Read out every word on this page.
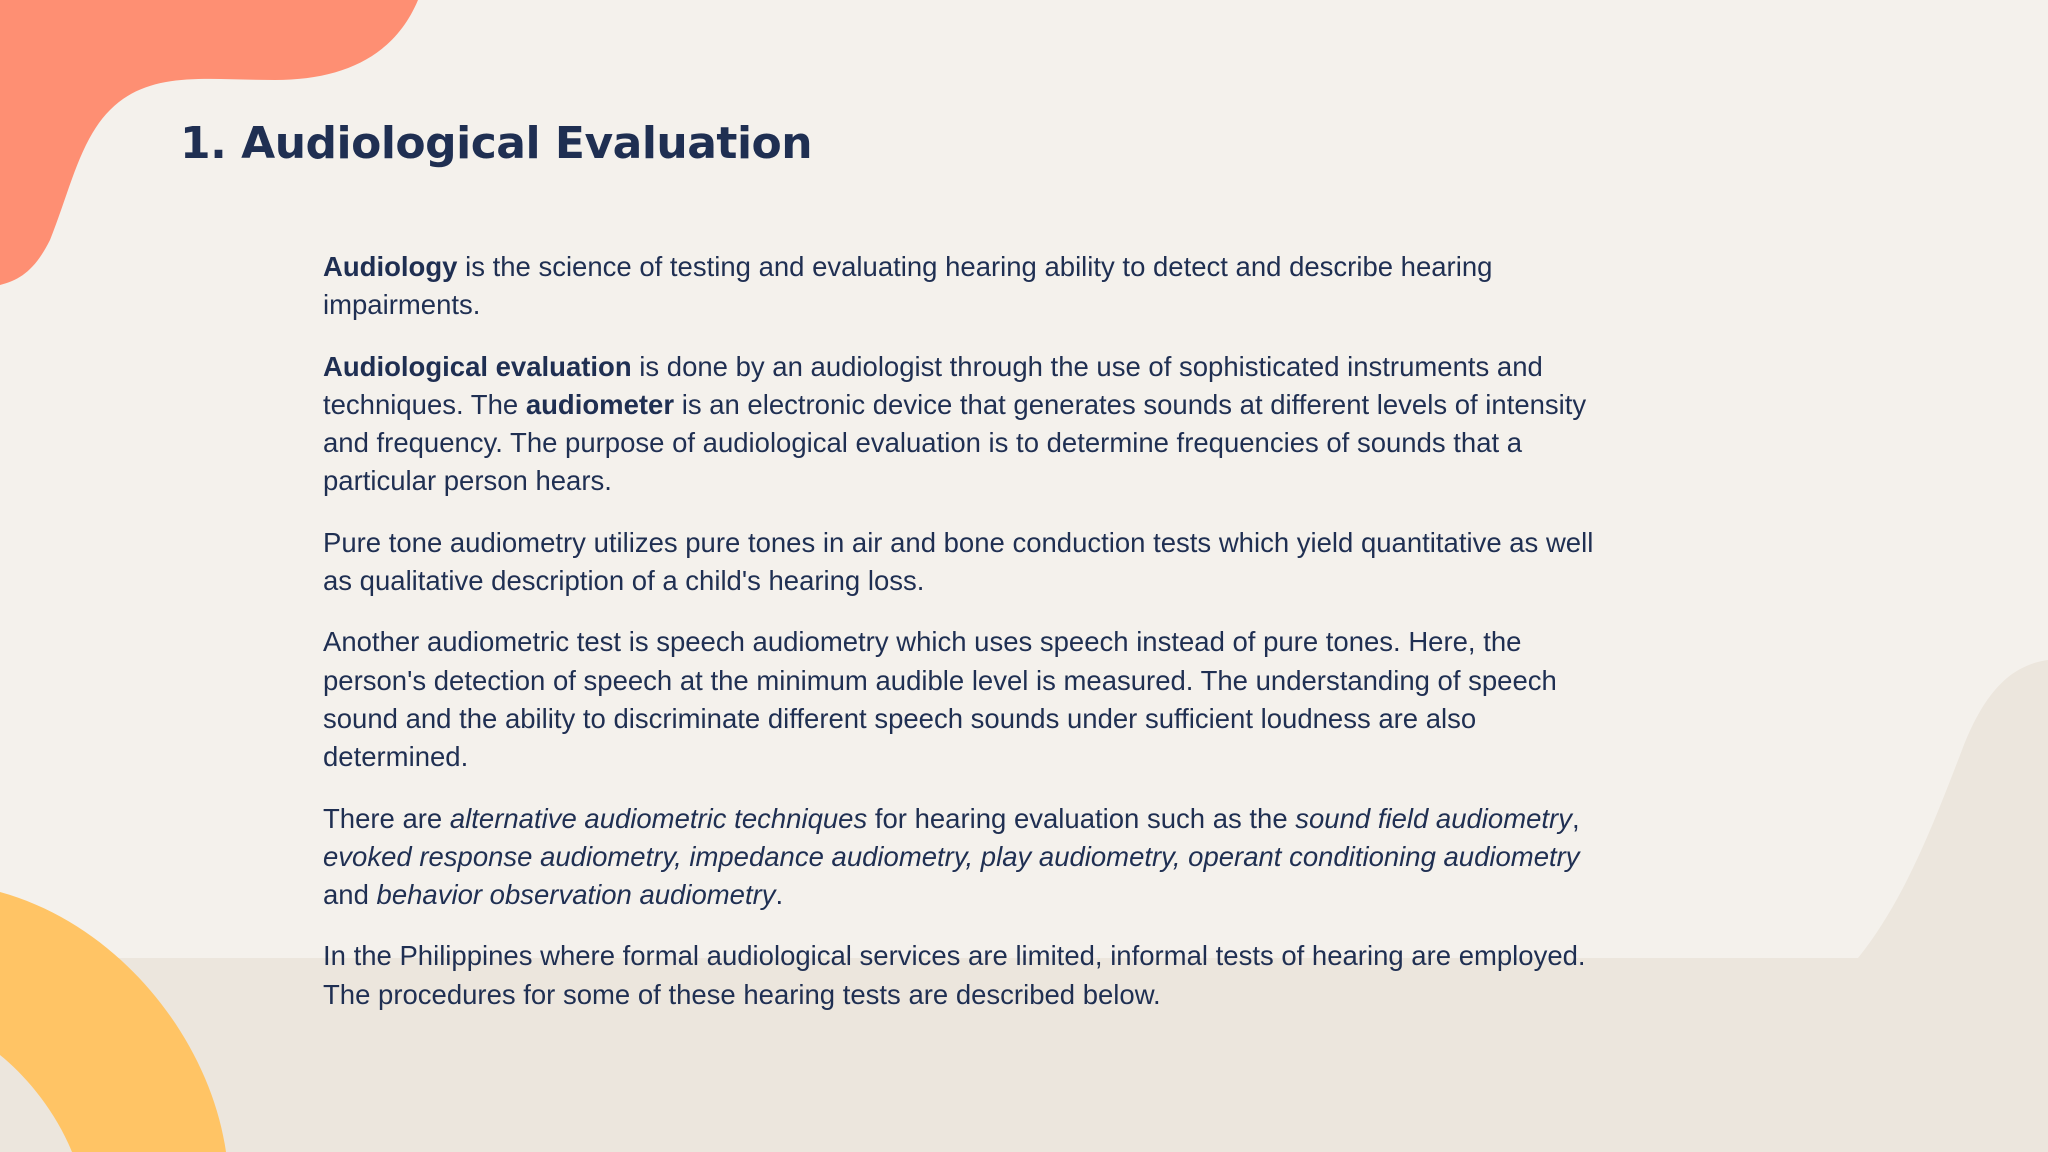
1. Audiological Evaluation

Audiology is the science of testing and evaluating hearing ability to detect and describe hearing impairments.

Audiological evaluation is done by an audiologist through the use of sophisticated instruments and techniques. The audiometer is an electronic device that generates sounds at different levels of intensity and frequency. The purpose of audiological evaluation is to determine frequencies of sounds that a particular person hears.

Pure tone audiometry utilizes pure tones in air and bone conduction tests which yield quantitative as well as qualitative description of a child's hearing loss.

Another audiometric test is speech audiometry which uses speech instead of pure tones. Here, the person's detection of speech at the minimum audible level is measured. The understanding of speech sound and the ability to discriminate different speech sounds under sufficient loudness are also determined.

There are alternative audiometric techniques for hearing evaluation such as the sound field audiometry, evoked response audiometry, impedance audiometry, play audiometry, operant conditioning audiometry and behavior observation audiometry.

In the Philippines where formal audiological services are limited, informal tests of hearing are employed. The procedures for some of these hearing tests are described below.
